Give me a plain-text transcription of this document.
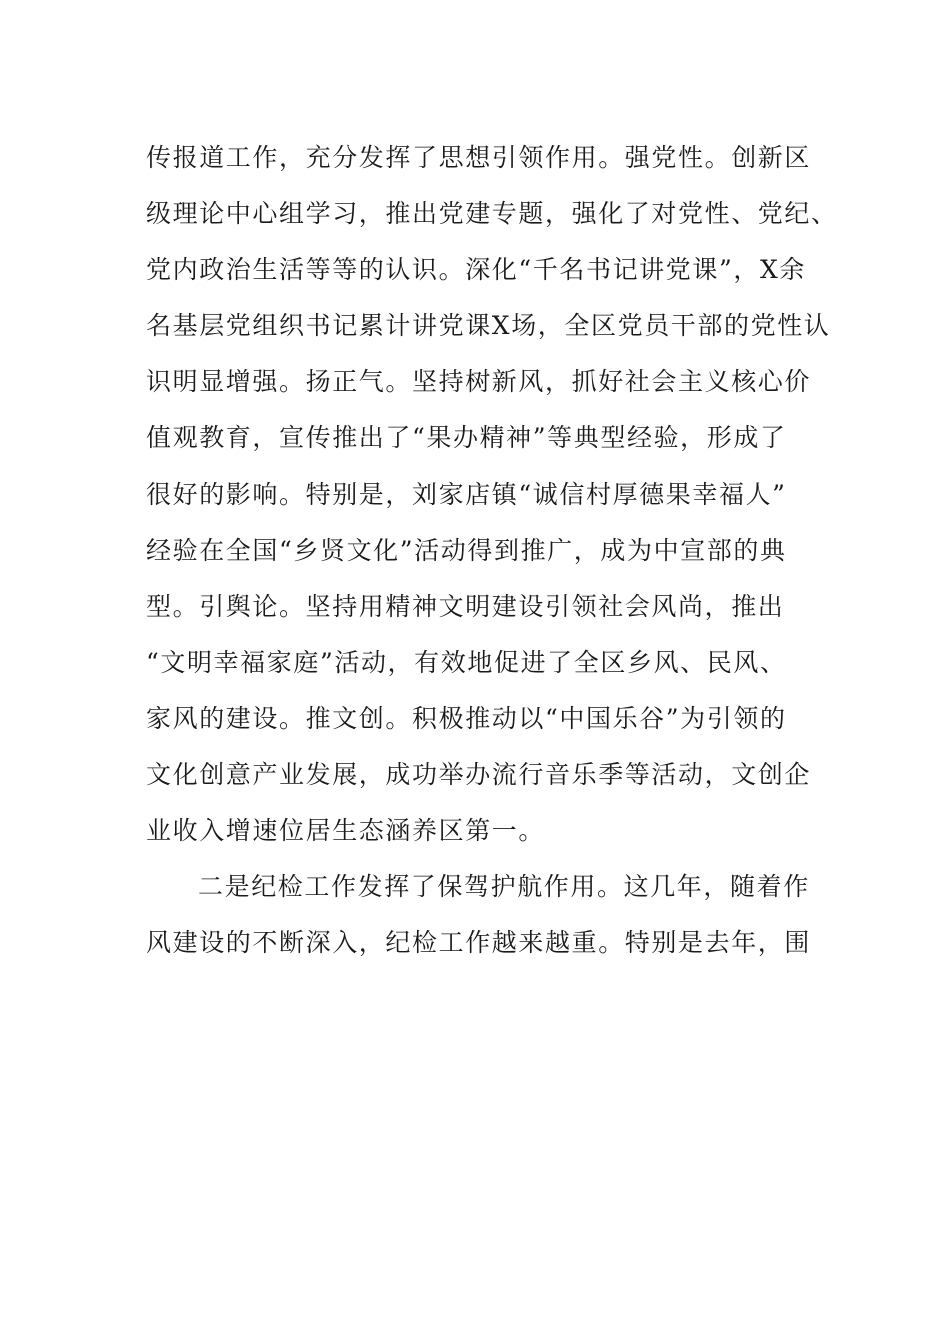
传报道工作，充分发挥了思想引领作用。强党性。创新区
级理论中心组学习，推出党建专题，强化了对党性、党纪、
党内政治生活等等的认识。深化“千名书记讲党课”，X余
名基层党组织书记累计讲党课X场，全区党员干部的党性认
识明显增强。扬正气。坚持树新风，抓好社会主义核心价
值观教育，宣传推出了“果办精神”等典型经验，形成了
很好的影响。特别是，刘家店镇“诚信村厚德果幸福人”
经验在全国“乡贤文化”活动得到推广，成为中宣部的典
型。引舆论。坚持用精神文明建设引领社会风尚，推出
“文明幸福家庭”活动，有效地促进了全区乡风、民风、
家风的建设。推文创。积极推动以“中国乐谷”为引领的
文化创意产业发展，成功举办流行音乐季等活动，文创企
业收入增速位居生态涵养区第一。
二是纪检工作发挥了保驾护航作用。这几年，随着作
风建设的不断深入，纪检工作越来越重。特别是去年，围
